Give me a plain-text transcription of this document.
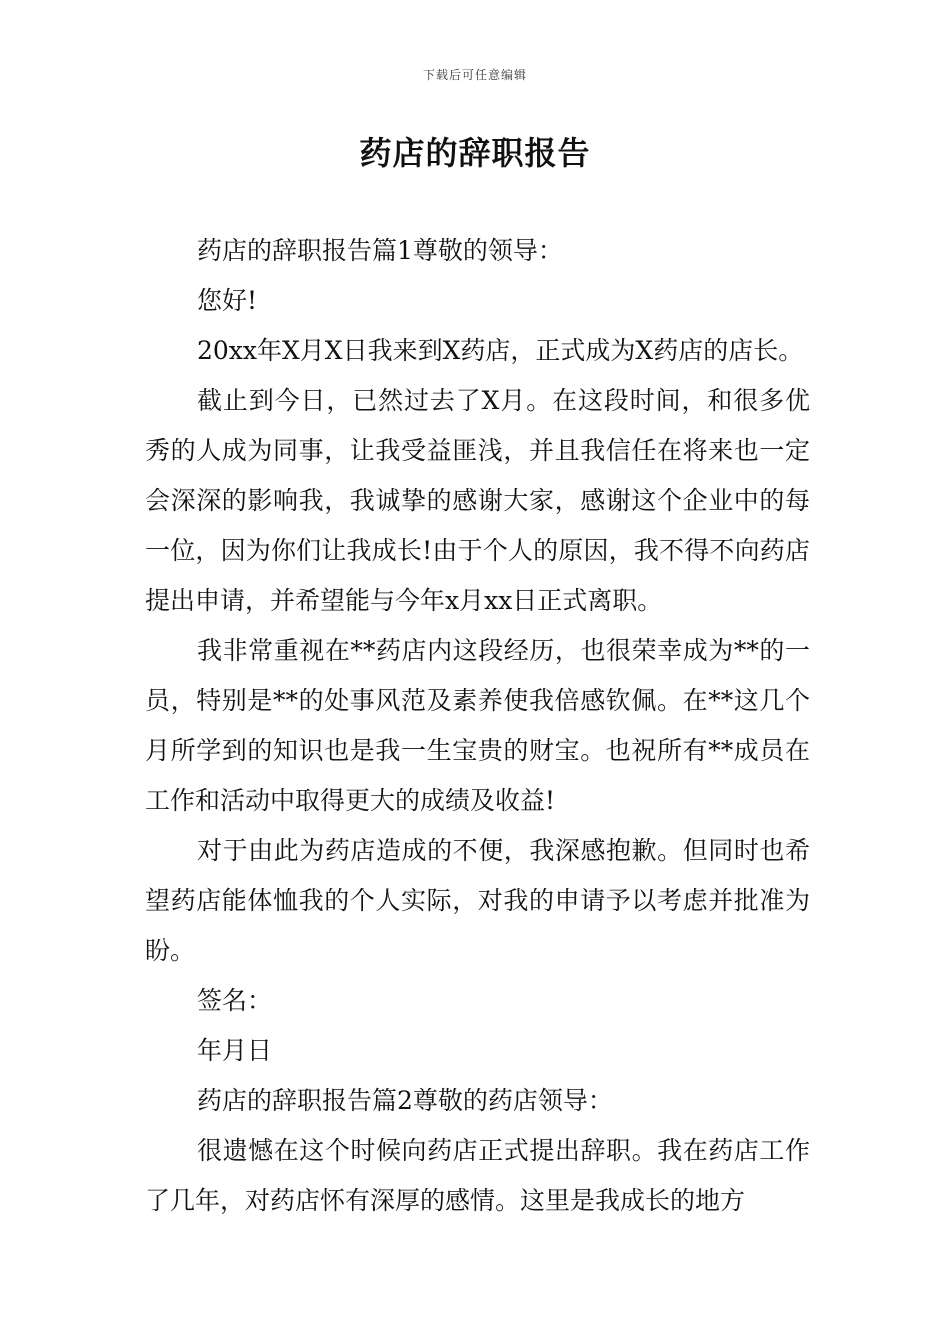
下载后可任意编辑
药店的辞职报告

药店的辞职报告篇1尊敬的领导：

您好!

20xx年X月X日我来到X药店，正式成为X药店的店长。

截止到今日，已然过去了X月。在这段时间，和很多优秀的人成为同事，让我受益匪浅，并且我信任在将来也一定会深深的影响我，我诚挚的感谢大家，感谢这个企业中的每一位，因为你们让我成长!由于个人的原因，我不得不向药店提出申请，并希望能与今年x月xx日正式离职。

我非常重视在**药店内这段经历，也很荣幸成为**的一员，特别是**的处事风范及素养使我倍感钦佩。在**这几个月所学到的知识也是我一生宝贵的财宝。也祝所有**成员在工作和活动中取得更大的成绩及收益!

对于由此为药店造成的不便，我深感抱歉。但同时也希望药店能体恤我的个人实际，对我的申请予以考虑并批准为盼。

签名：

年月日

药店的辞职报告篇2尊敬的药店领导：

很遗憾在这个时候向药店正式提出辞职。我在药店工作了几年，对药店怀有深厚的感情。这里是我成长的地方
